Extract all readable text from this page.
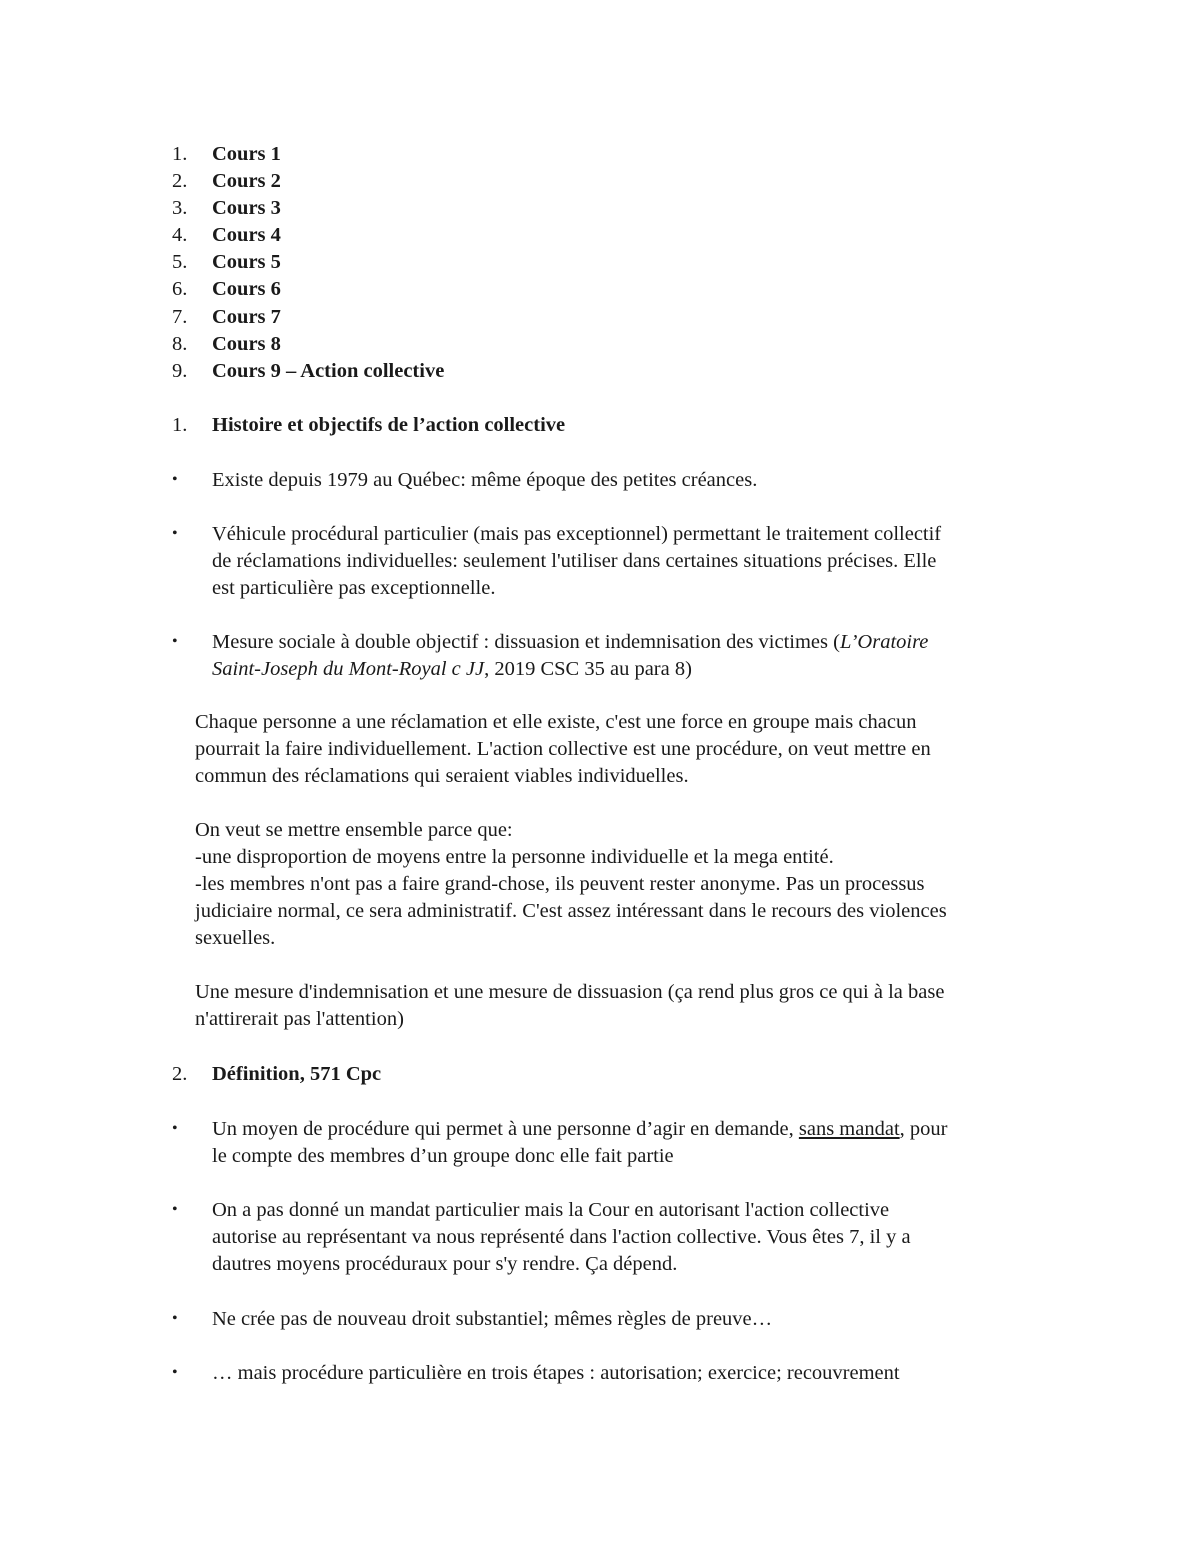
1.	Cours 1
2.	Cours 2
3.	Cours 3
4.	Cours 4
5.	Cours 5
6.	Cours 6
7.	Cours 7
8.	Cours 8
9.	Cours 9 – Action collective
1.	Histoire et objectifs de l’action collective
• Existe depuis 1979 au Québec: même époque des petites créances.
• Véhicule procédural particulier (mais pas exceptionnel) permettant le traitement collectif
de réclamations individuelles: seulement l'utiliser dans certaines situations précises. Elle
est particulière pas exceptionnelle.
• Mesure sociale à double objectif : dissuasion et indemnisation des victimes (L’Oratoire
Saint-Joseph du Mont-Royal c JJ, 2019 CSC 35 au para 8)
Chaque personne a une réclamation et elle existe, c'est une force en groupe mais chacun
pourrait la faire individuellement. L'action collective est une procédure, on veut mettre en
commun des réclamations qui seraient viables individuelles.
On veut se mettre ensemble parce que:
-une disproportion de moyens entre la personne individuelle et la mega entité.
-les membres n'ont pas a faire grand-chose, ils peuvent rester anonyme. Pas un processus
judiciaire normal, ce sera administratif. C'est assez intéressant dans le recours des violences
sexuelles.
Une mesure d'indemnisation et une mesure de dissuasion (ça rend plus gros ce qui à la base
n'attirerait pas l'attention)
2.	Définition, 571 Cpc
• Un moyen de procédure qui permet à une personne d’agir en demande, sans mandat, pour
le compte des membres d’un groupe donc elle fait partie
• On a pas donné un mandat particulier mais la Cour en autorisant l'action collective
autorise au représentant va nous représenté dans l'action collective. Vous êtes 7, il y a
dautres moyens procéduraux pour s'y rendre. Ça dépend.
• Ne crée pas de nouveau droit substantiel; mêmes règles de preuve…
• … mais procédure particulière en trois étapes : autorisation; exercice; recouvrement
